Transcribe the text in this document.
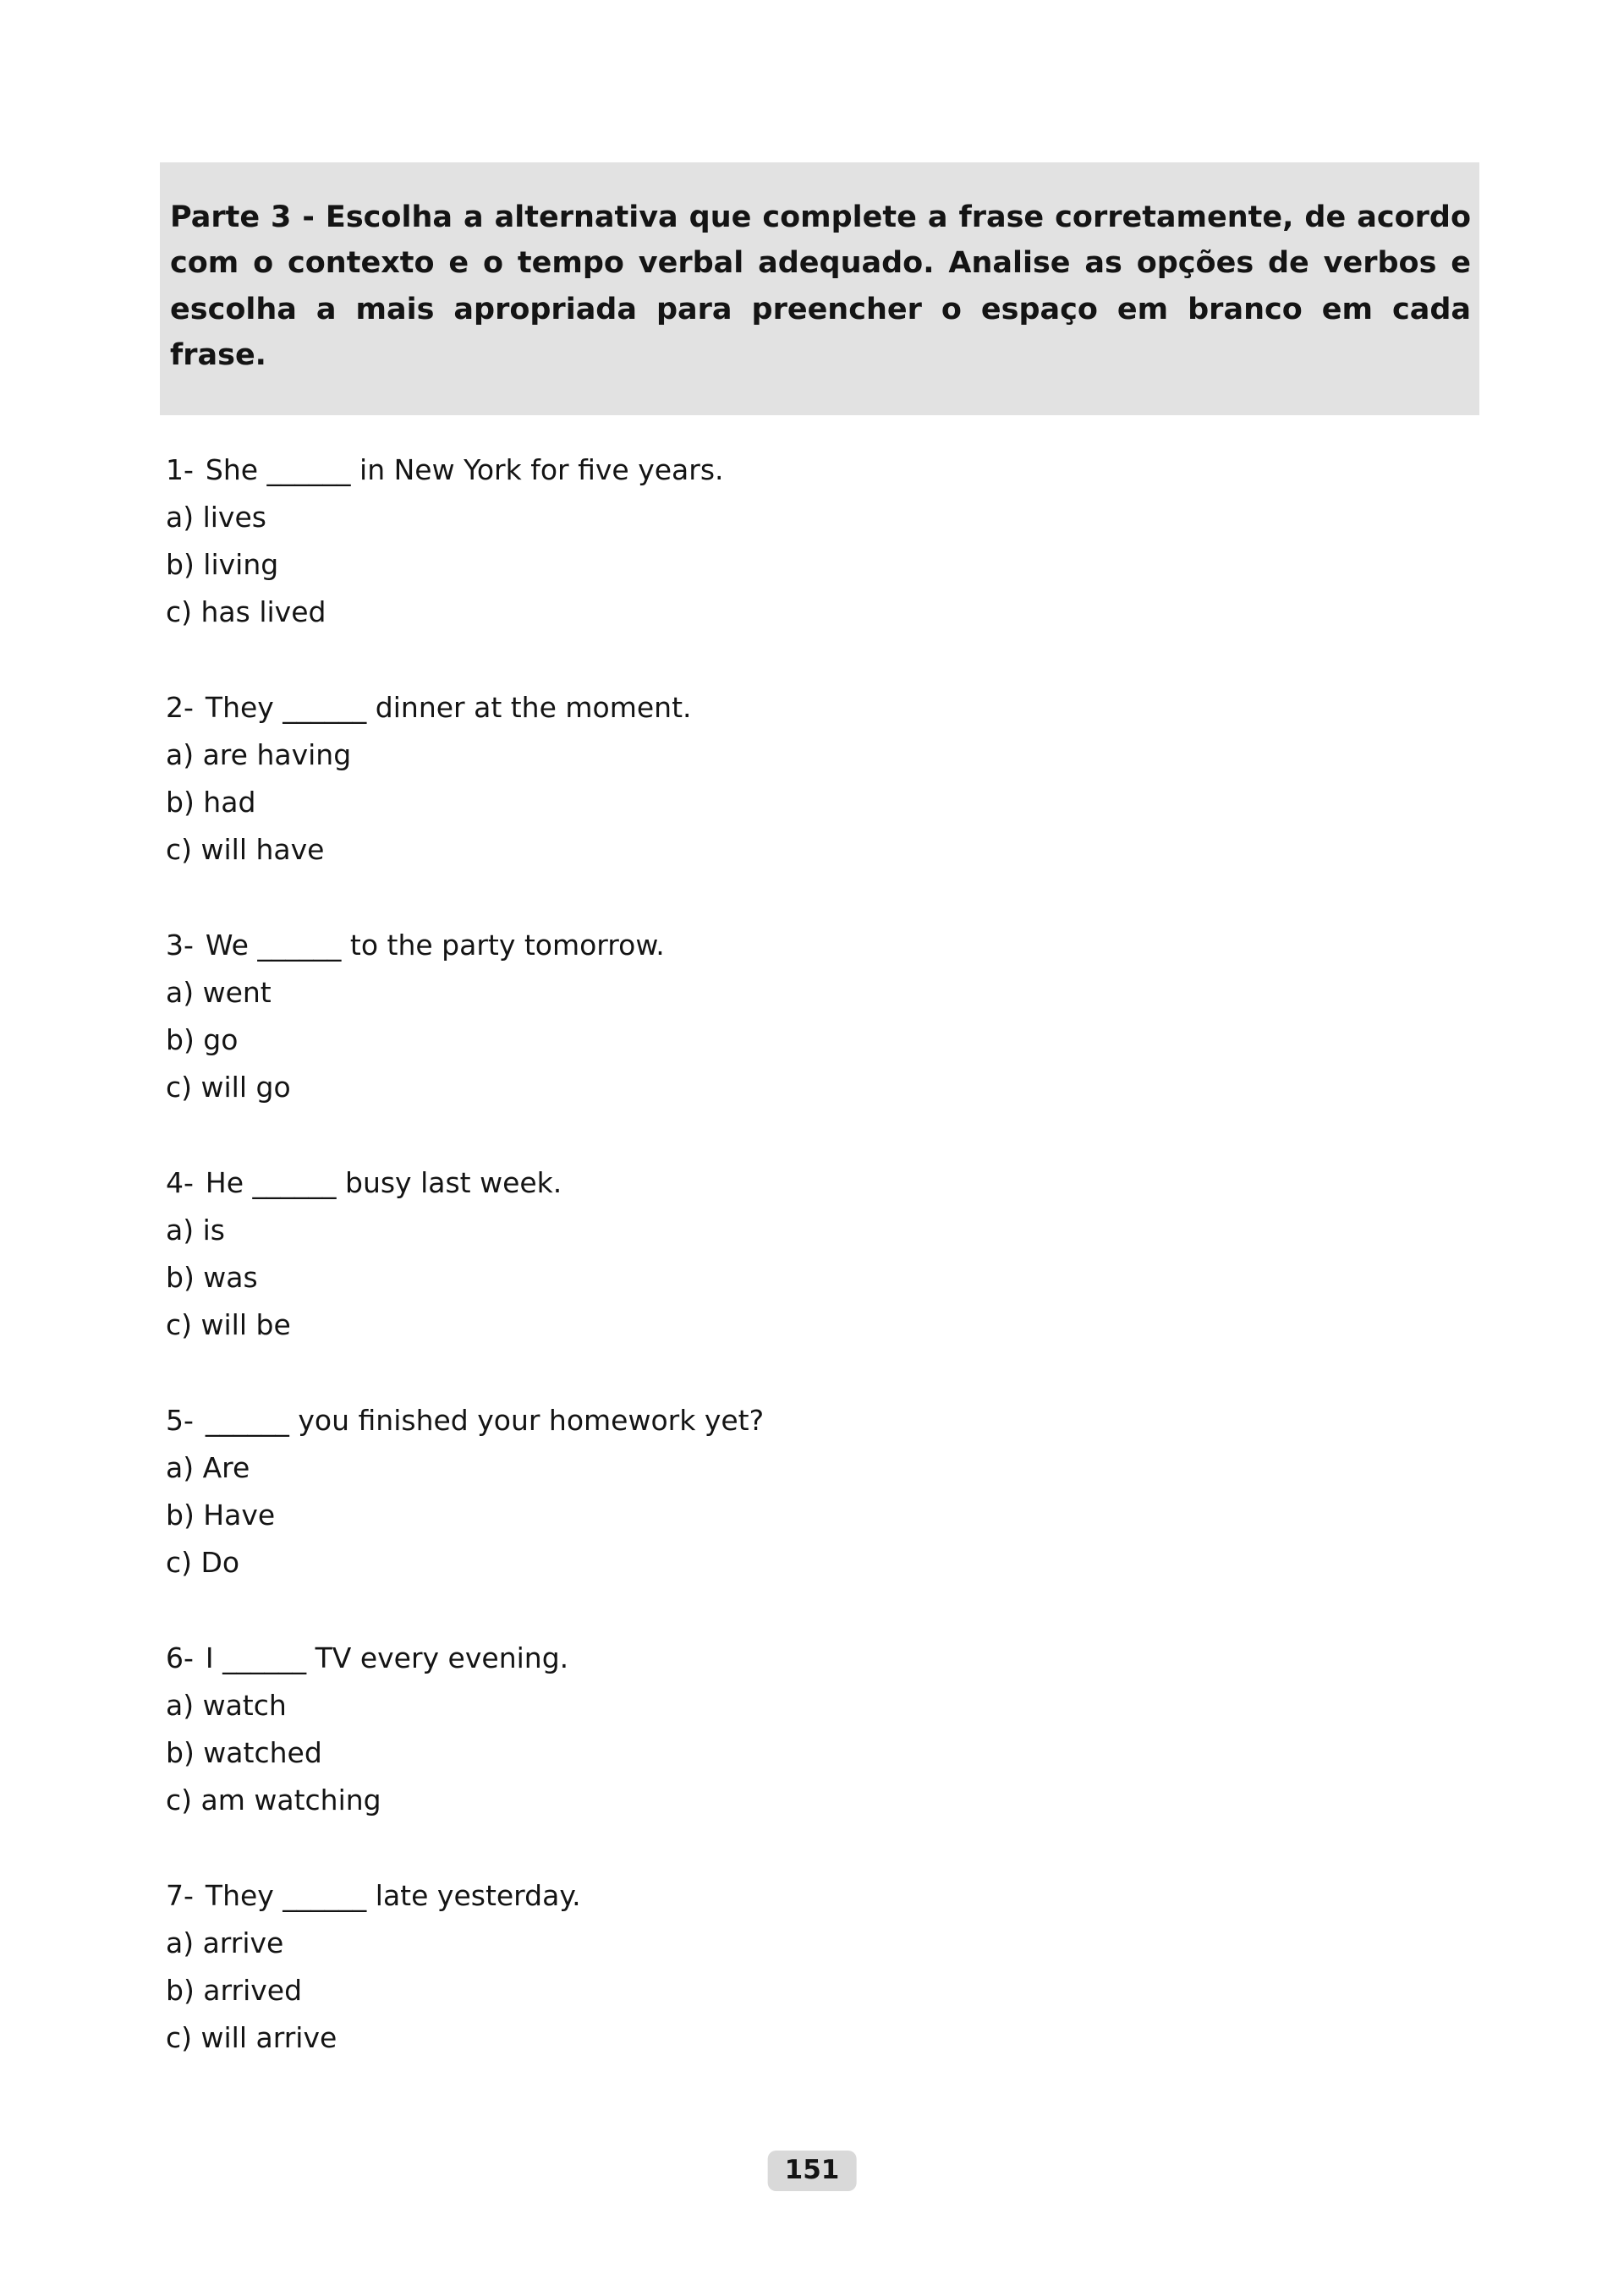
Parte 3 - Escolha a alternativa que complete a frase corretamente, de acordo com o contexto e o tempo verbal adequado. Analise as opções de verbos e escolha a mais apropriada para preencher o espaço em branco em cada frase.

1- She ______ in New York for five years.

a) lives

b) living

c) has lived

2- They ______ dinner at the moment.

a) are having

b) had

c) will have

3- We ______ to the party tomorrow.

a) went

b) go

c) will go

4- He ______ busy last week.

a) is

b) was

c) will be

5- ______ you finished your homework yet?

a) Are

b) Have

c) Do

6- I ______ TV every evening.

a) watch

b) watched

c) am watching

7- They ______ late yesterday.

a) arrive

b) arrived

c) will arrive

151
